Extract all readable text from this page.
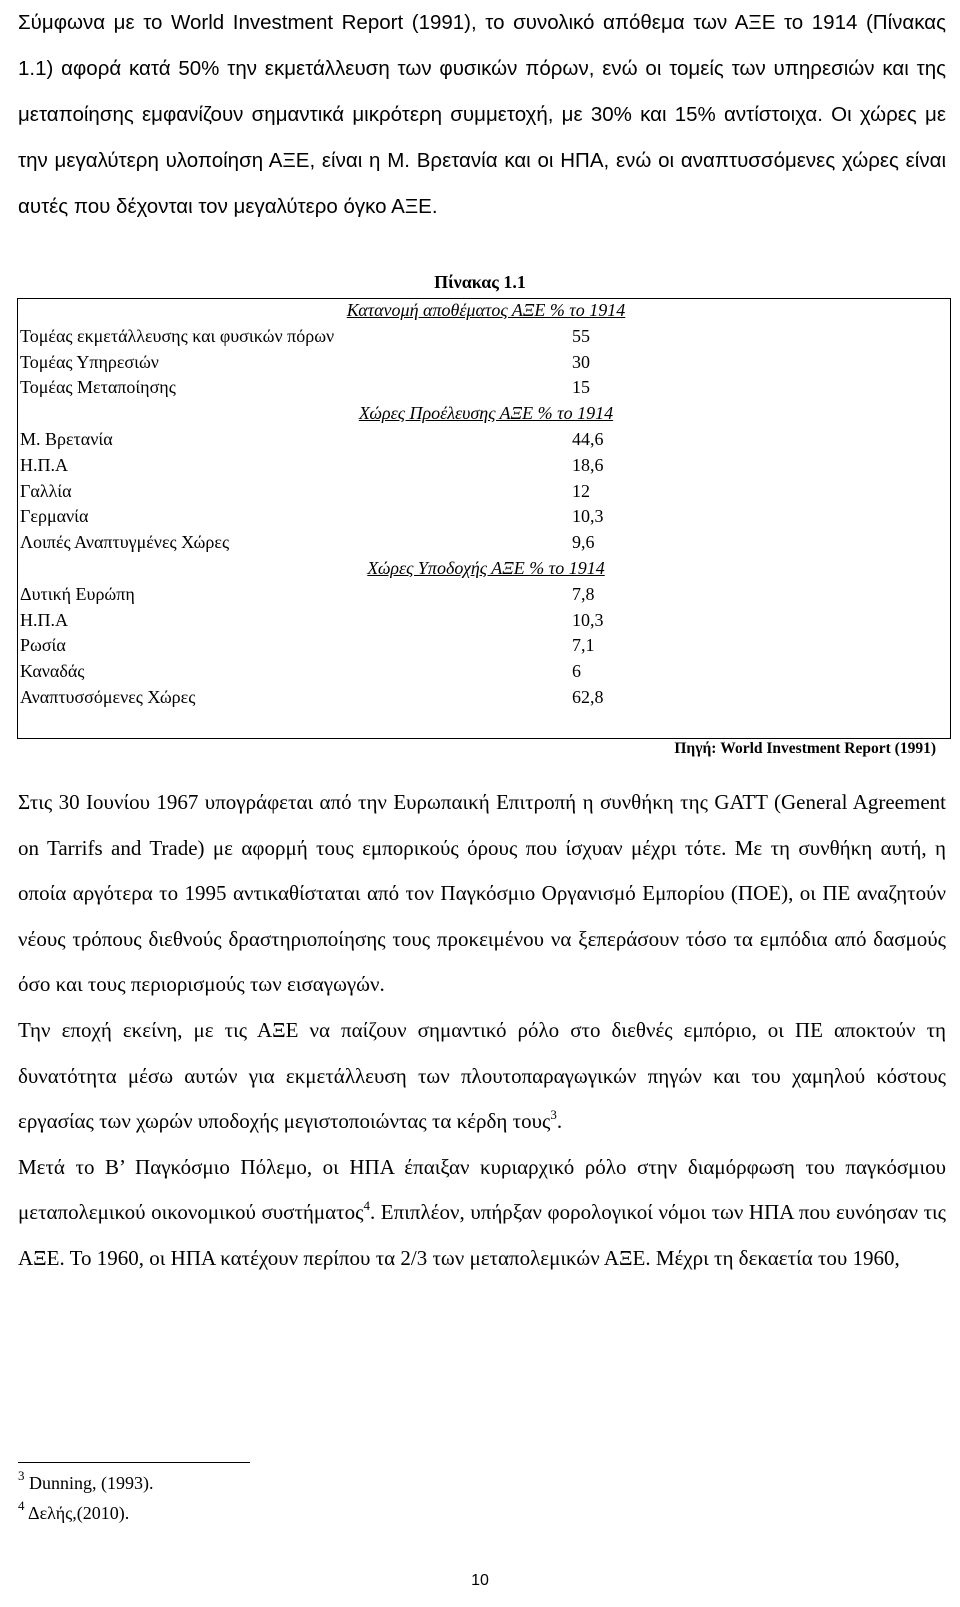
Σύμφωνα με το World Investment Report (1991), το συνολικό απόθεμα των ΑΞΕ το 1914 (Πίνακας 1.1) αφορά κατά 50% την εκμετάλλευση των φυσικών πόρων, ενώ οι τομείς των υπηρεσιών και της μεταποίησης εμφανίζουν σημαντικά μικρότερη συμμετοχή, με 30% και 15% αντίστοιχα. Οι χώρες με την μεγαλύτερη υλοποίηση ΑΞΕ, είναι η Μ. Βρετανία και οι ΗΠΑ, ενώ οι αναπτυσσόμενες χώρες είναι αυτές που δέχονται τον μεγαλύτερο όγκο ΑΞΕ.

Πίνακας 1.1

Κατανομή αποθέματος ΑΞΕ % το 1914	
Τομέας εκμετάλλευσης και φυσικών πόρων	55
Τομέας Υπηρεσιών	30
Τομέας Μεταποίησης	15
Χώρες Προέλευσης ΑΞΕ % το 1914	
Μ. Βρετανία	44,6
Η.Π.Α	18,6
Γαλλία	12
Γερμανία	10,3
Λοιπές Αναπτυγμένες Χώρες	9,6
Χώρες Υποδοχής ΑΞΕ % το 1914	
Δυτική Ευρώπη	7,8
Η.Π.Α	10,3
Ρωσία	7,1
Καναδάς	6
Αναπτυσσόμενες Χώρες	62,8

Πηγή: World Investment Report (1991)

Στις 30 Ιουνίου 1967 υπογράφεται από την Ευρωπαική Επιτροπή η συνθήκη της GATT (General Agreement on Tarrifs and Trade) με αφορμή τους εμπορικούς όρους που ίσχυαν μέχρι τότε. Με τη συνθήκη αυτή, η οποία αργότερα το 1995 αντικαθίσταται από τον Παγκόσμιο Οργανισμό Εμπορίου (ΠΟΕ), οι ΠΕ αναζητούν νέους τρόπους διεθνούς δραστηριοποίησης τους προκειμένου να ξεπεράσουν τόσο τα εμπόδια από δασμούς όσο και τους περιορισμούς των εισαγωγών.

Την εποχή εκείνη, με τις ΑΞΕ να παίζουν σημαντικό ρόλο στο διεθνές εμπόριο, οι ΠΕ αποκτούν τη δυνατότητα μέσω αυτών για εκμετάλλευση των πλουτοπαραγωγικών πηγών και του χαμηλού κόστους εργασίας των χωρών υποδοχής μεγιστοποιώντας τα κέρδη τους$^3$.

Μετά το Β’ Παγκόσμιο Πόλεμο, οι ΗΠΑ έπαιξαν κυριαρχικό ρόλο στην διαμόρφωση του παγκόσμιου μεταπολεμικού οικονομικού συστήματος$^4$. Επιπλέον, υπήρξαν φορολογικοί νόμοι των ΗΠΑ που ευνόησαν τις ΑΞΕ. Το 1960, οι ΗΠΑ κατέχουν περίπου τα 2/3 των μεταπολεμικών ΑΞΕ. Μέχρι τη δεκαετία του 1960,

$^3$ Dunning, (1993).
$^4$ Δελής,(2010).
10
